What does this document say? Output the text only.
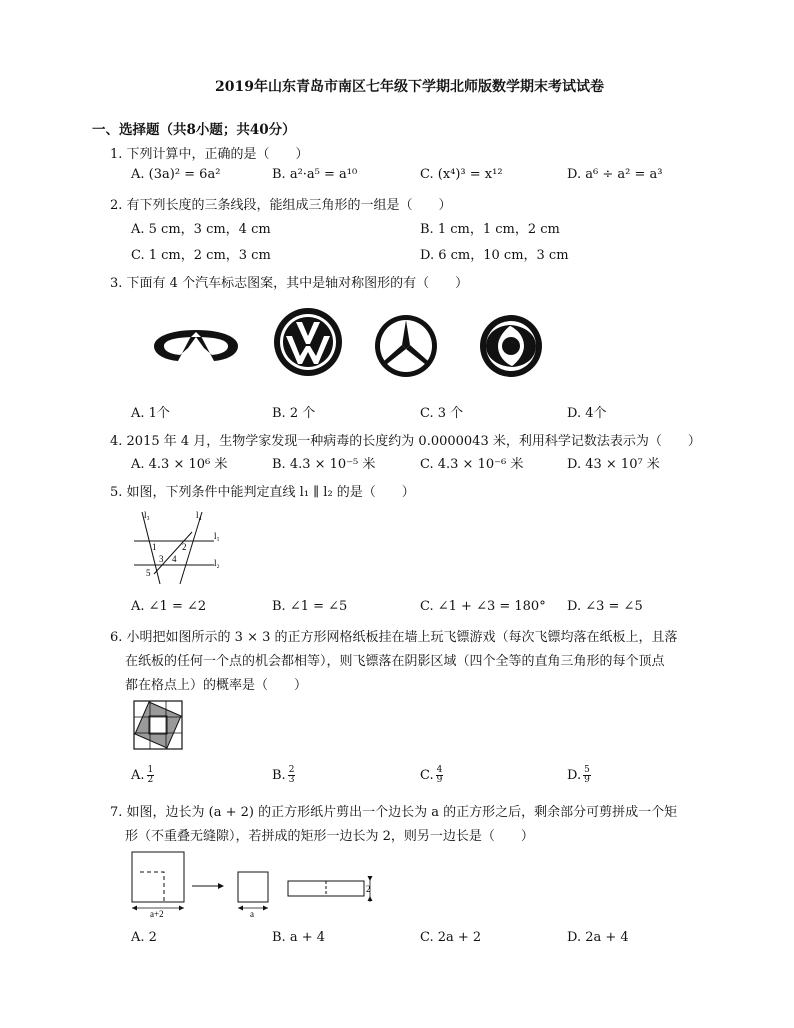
2019年山东青岛市南区七年级下学期北师版数学期末考试试卷
一、选择题（共8小题；共40分）
1. 下列计算中，正确的是（　　）
A. (3a)² = 6a²	B. a²·a⁵ = a¹⁰	C. (x⁴)³ = x¹²	D. a⁶ ÷ a² = a³
2. 有下列长度的三条线段，能组成三角形的一组是（　　）
A. 5 cm，3 cm，4 cm	B. 1 cm，1 cm，2 cm
C. 1 cm，2 cm，3 cm	D. 6 cm，10 cm，3 cm
3. 下面有 4 个汽车标志图案，其中是轴对称图形的有（　　）
A. 1个	B. 2 个	C. 3 个	D. 4个
4. 2015 年 4 月，生物学家发现一种病毒的长度约为 0.0000043 米，利用科学记数法表示为（　　）
A. 4.3 × 10⁶ 米	B. 4.3 × 10⁻⁵ 米	C. 4.3 × 10⁻⁶ 米	D. 43 × 10⁷ 米
5. 如图，下列条件中能判定直线 l₁ ∥ l₂ 的是（　　）
l₃	l₄
l₁
l₂
1	2
3 4
5
A. ∠1 = ∠2	B. ∠1 = ∠5	C. ∠1 + ∠3 = 180° D. ∠3 = ∠5
6. 小明把如图所示的 3 × 3 的正方形网格纸板挂在墙上玩飞镖游戏（每次飞镖均落在纸板上，且落
在纸板的任何一个点的机会都相等），则飞镖落在阴影区域（四个全等的直角三角形的每个顶点
都在格点上）的概率是（　　）
A. $\frac{1}{2}$	B. $\frac{2}{3}$	C. $\frac{4}{9}$	D. $\frac{5}{9}$
7. 如图，边长为 (a + 2) 的正方形纸片剪出一个边长为 a 的正方形之后，剩余部分可剪拼成一个矩
形（不重叠无缝隙），若拼成的矩形一边长为 2，则另一边长是（　　）
a+2	a
2
A. 2	B. a + 4	C. 2a + 2	D. 2a + 4
